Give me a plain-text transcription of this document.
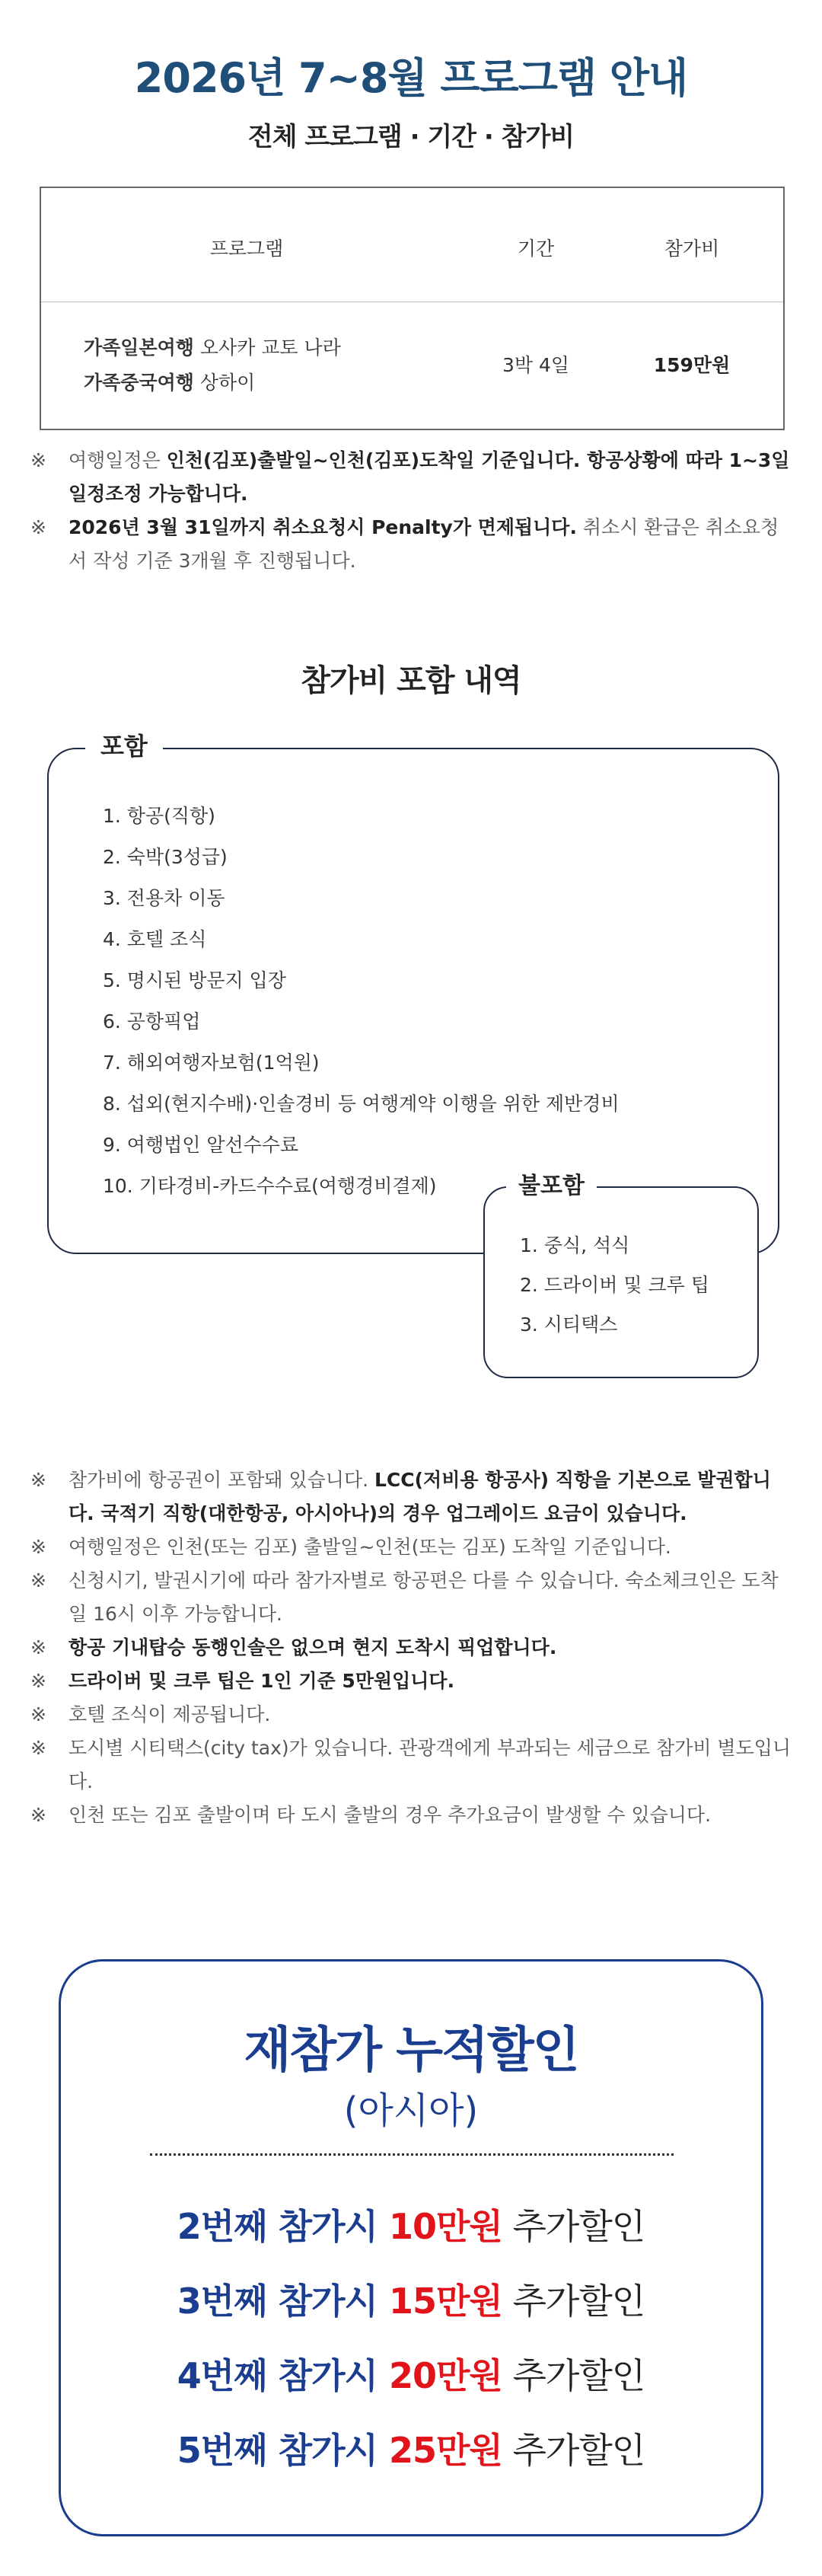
2026년 7~8월 프로그램 안내
전체 프로그램 · 기간 · 참가비
프로그램	기간	참가비
가족일본여행 오사카 교토 나라
가족중국여행 상하이
3박 4일	159만원
※ 여행일정은 인천(김포)출발일~인천(김포)도착일 기준입니다. 항공상황에 따라 1~3일 일정조정 가능합니다.
※ 2026년 3월 31일까지 취소요청시 Penalty가 면제됩니다. 취소시 환급은 취소요청서 작성 기준 3개월 후 진행됩니다.
참가비 포함 내역
포함
1. 항공(직항)
2. 숙박(3성급)
3. 전용차 이동
4. 호텔 조식
5. 명시된 방문지 입장
6. 공항픽업
7. 해외여행자보험(1억원)
8. 섭외(현지수배)·인솔경비 등 여행계약 이행을 위한 제반경비
9. 여행법인 알선수수료
10. 기타경비-카드수수료(여행경비결제)	불포함
1. 중식, 석식
2. 드라이버 및 크루 팁
3. 시티택스
※ 참가비에 항공권이 포함돼 있습니다. LCC(저비용 항공사) 직항을 기본으로 발권합니다. 국적기 직항(대한항공, 아시아나)의 경우 업그레이드 요금이 있습니다.
※ 여행일정은 인천(또는 김포) 출발일~인천(또는 김포) 도착일 기준입니다.
※ 신청시기, 발권시기에 따라 참가자별로 항공편은 다를 수 있습니다. 숙소체크인은 도착일 16시 이후 가능합니다.
※ 항공 기내탑승 동행인솔은 없으며 현지 도착시 픽업합니다.
※ 드라이버 및 크루 팁은 1인 기준 5만원입니다.
※ 호텔 조식이 제공됩니다.
※ 도시별 시티택스(city tax)가 있습니다. 관광객에게 부과되는 세금으로 참가비 별도입니다.
※ 인천 또는 김포 출발이며 타 도시 출발의 경우 추가요금이 발생할 수 있습니다.
재참가 누적할인
(아시아)
2번째 참가시 10만원 추가할인
3번째 참가시 15만원 추가할인
4번째 참가시 20만원 추가할인
5번째 참가시 25만원 추가할인
